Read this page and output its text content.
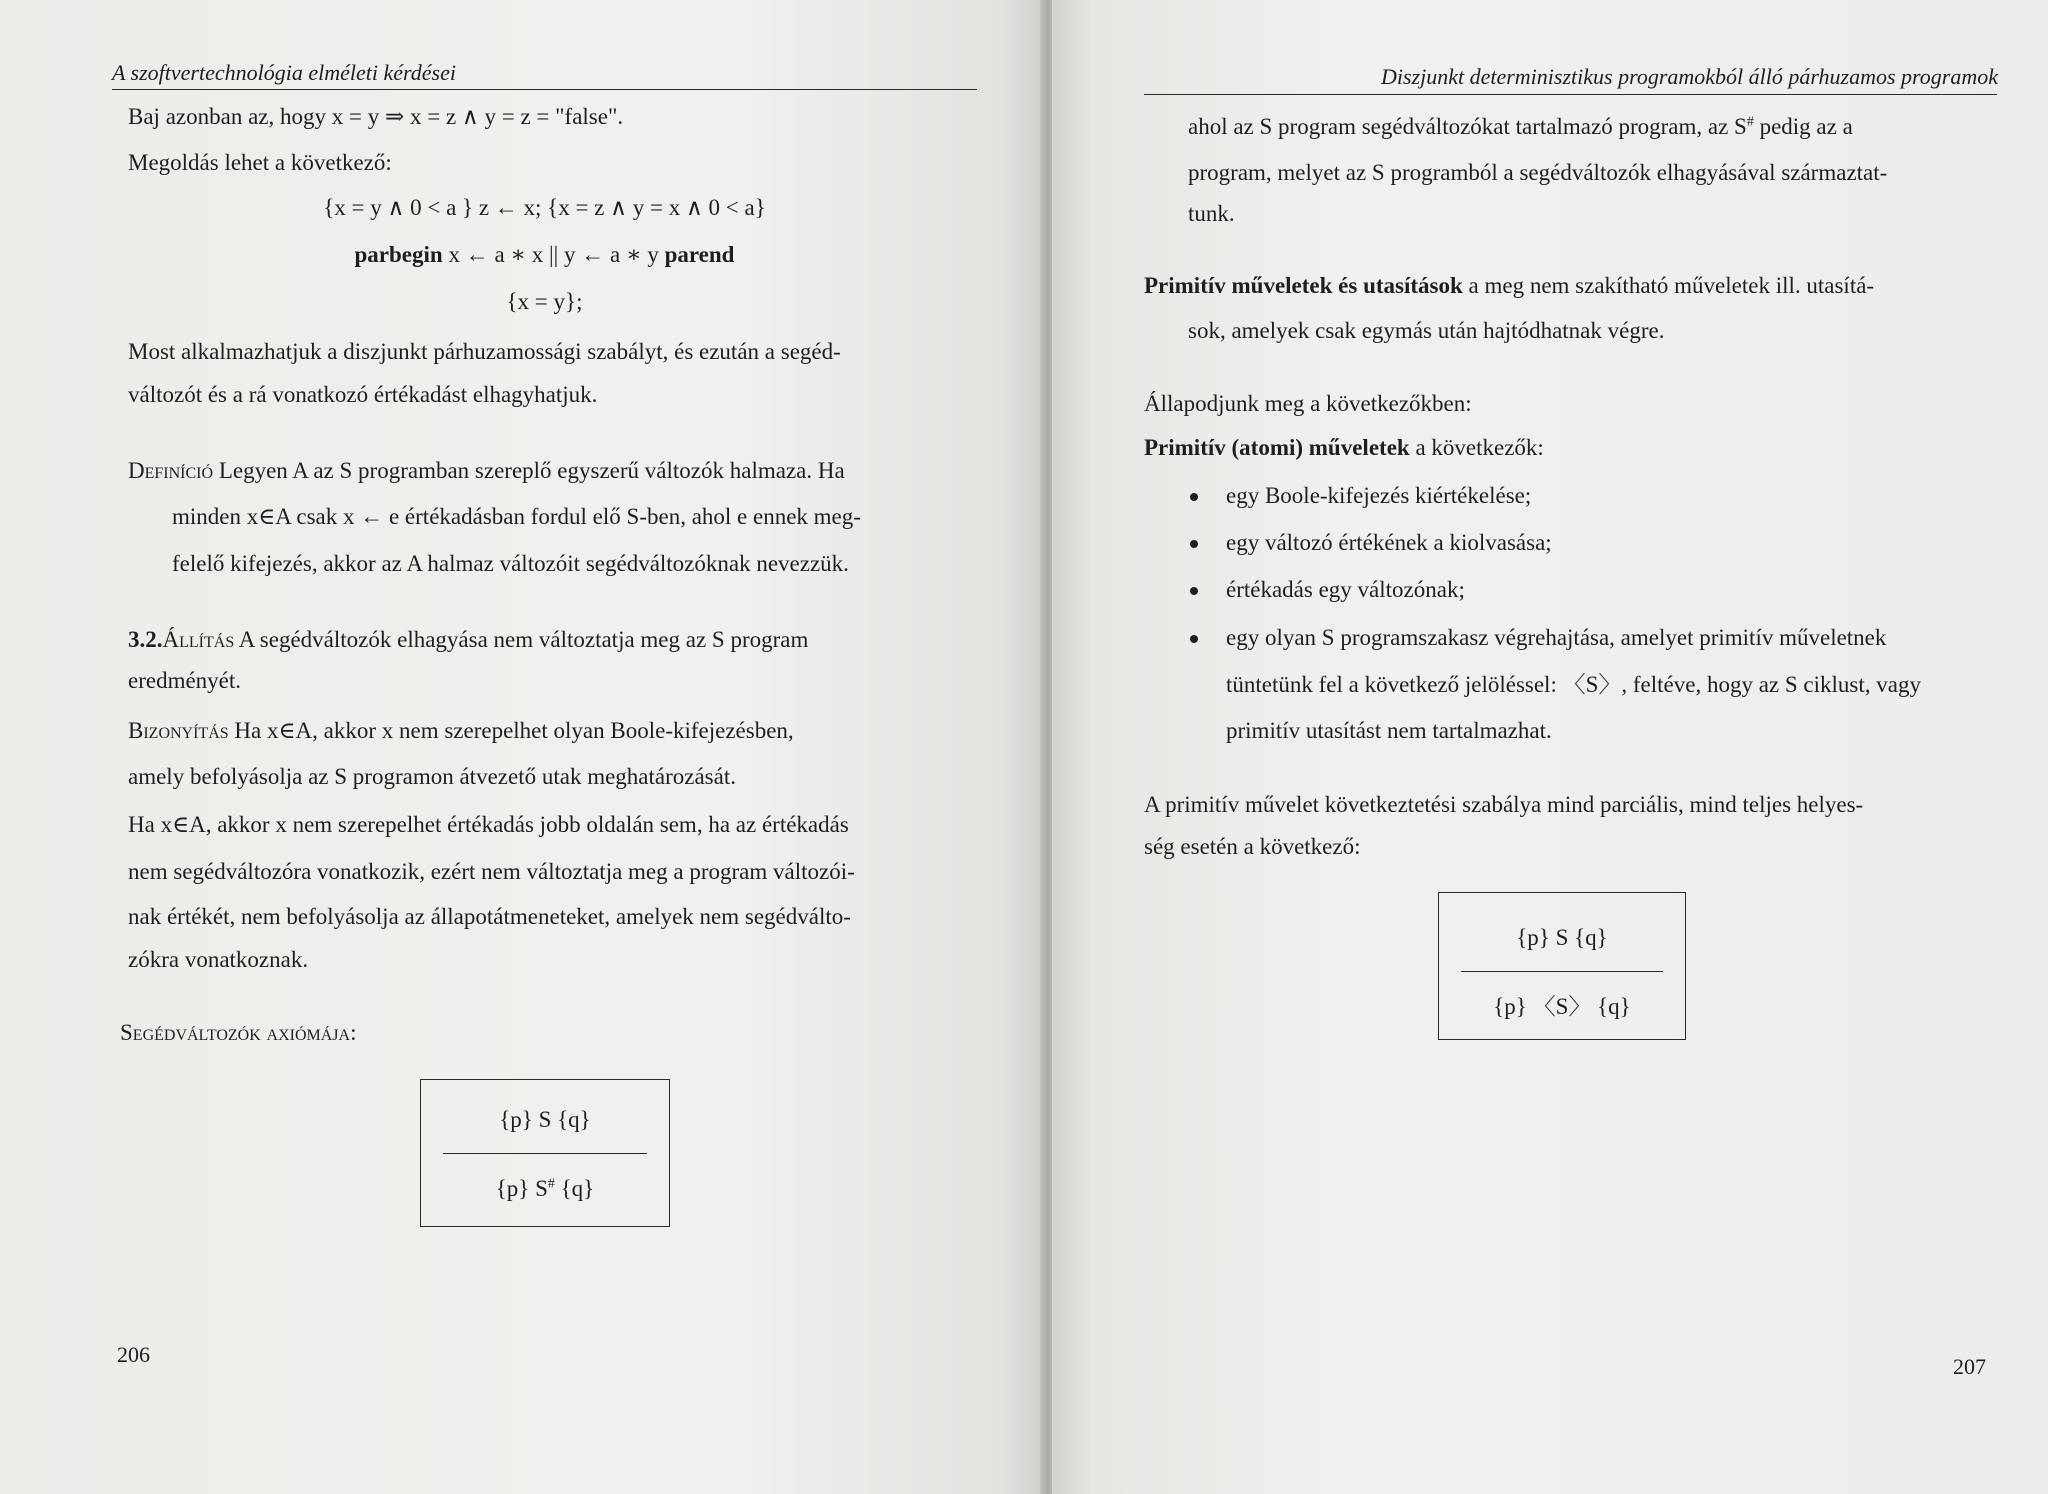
A szoftvertechnológia elméleti kérdései
Baj azonban az, hogy x = y ⇒ x = z ∧ y = z = "false".
Megoldás lehet a következő:
{x = y ∧ 0 < a } z ← x; {x = z ∧ y = x ∧ 0 < a}
parbegin x ← a ∗ x || y ← a ∗ y parend
{x = y};
Most alkalmazhatjuk a diszjunkt párhuzamossági szabályt, és ezután a segéd-
változót és a rá vonatkozó értékadást elhagyhatjuk.
Definíció Legyen A az S programban szereplő egyszerű változók halmaza. Ha
minden x∈A csak x ← e értékadásban fordul elő S-ben, ahol e ennek meg-
felelő kifejezés, akkor az A halmaz változóit segédváltozóknak nevezzük.
3.2.Állítás A segédváltozók elhagyása nem változtatja meg az S program
eredményét.
Bizonyítás Ha x∈A, akkor x nem szerepelhet olyan Boole-kifejezésben,
amely befolyásolja az S programon átvezető utak meghatározását.
Ha x∈A, akkor x nem szerepelhet értékadás jobb oldalán sem, ha az értékadás
nem segédváltozóra vonatkozik, ezért nem változtatja meg a program változói-
nak értékét, nem befolyásolja az állapotátmeneteket, amelyek nem segédválto-
zókra vonatkoznak.
Segédváltozók axiómája:
{p} S {q}
{p} S# {q}
206
Diszjunkt determinisztikus programokból álló párhuzamos programok
ahol az S program segédváltozókat tartalmazó program, az S# pedig az a
program, melyet az S programból a segédváltozók elhagyásával származtat-
tunk.
Primitív műveletek és utasítások a meg nem szakítható műveletek ill. utasítá-
sok, amelyek csak egymás után hajtódhatnak végre.
Állapodjunk meg a következőkben:
Primitív (atomi) műveletek a következők:
egy Boole-kifejezés kiértékelése;
egy változó értékének a kiolvasása;
értékadás egy változónak;
egy olyan S programszakasz végrehajtása, amelyet primitív műveletnek
tüntetünk fel a következő jelöléssel: 〈S〉, feltéve, hogy az S ciklust, vagy
primitív utasítást nem tartalmazhat.
A primitív művelet következtetési szabálya mind parciális, mind teljes helyes-
ség esetén a következő:
{p} S {q}
{p} 〈S〉 {q}
207
